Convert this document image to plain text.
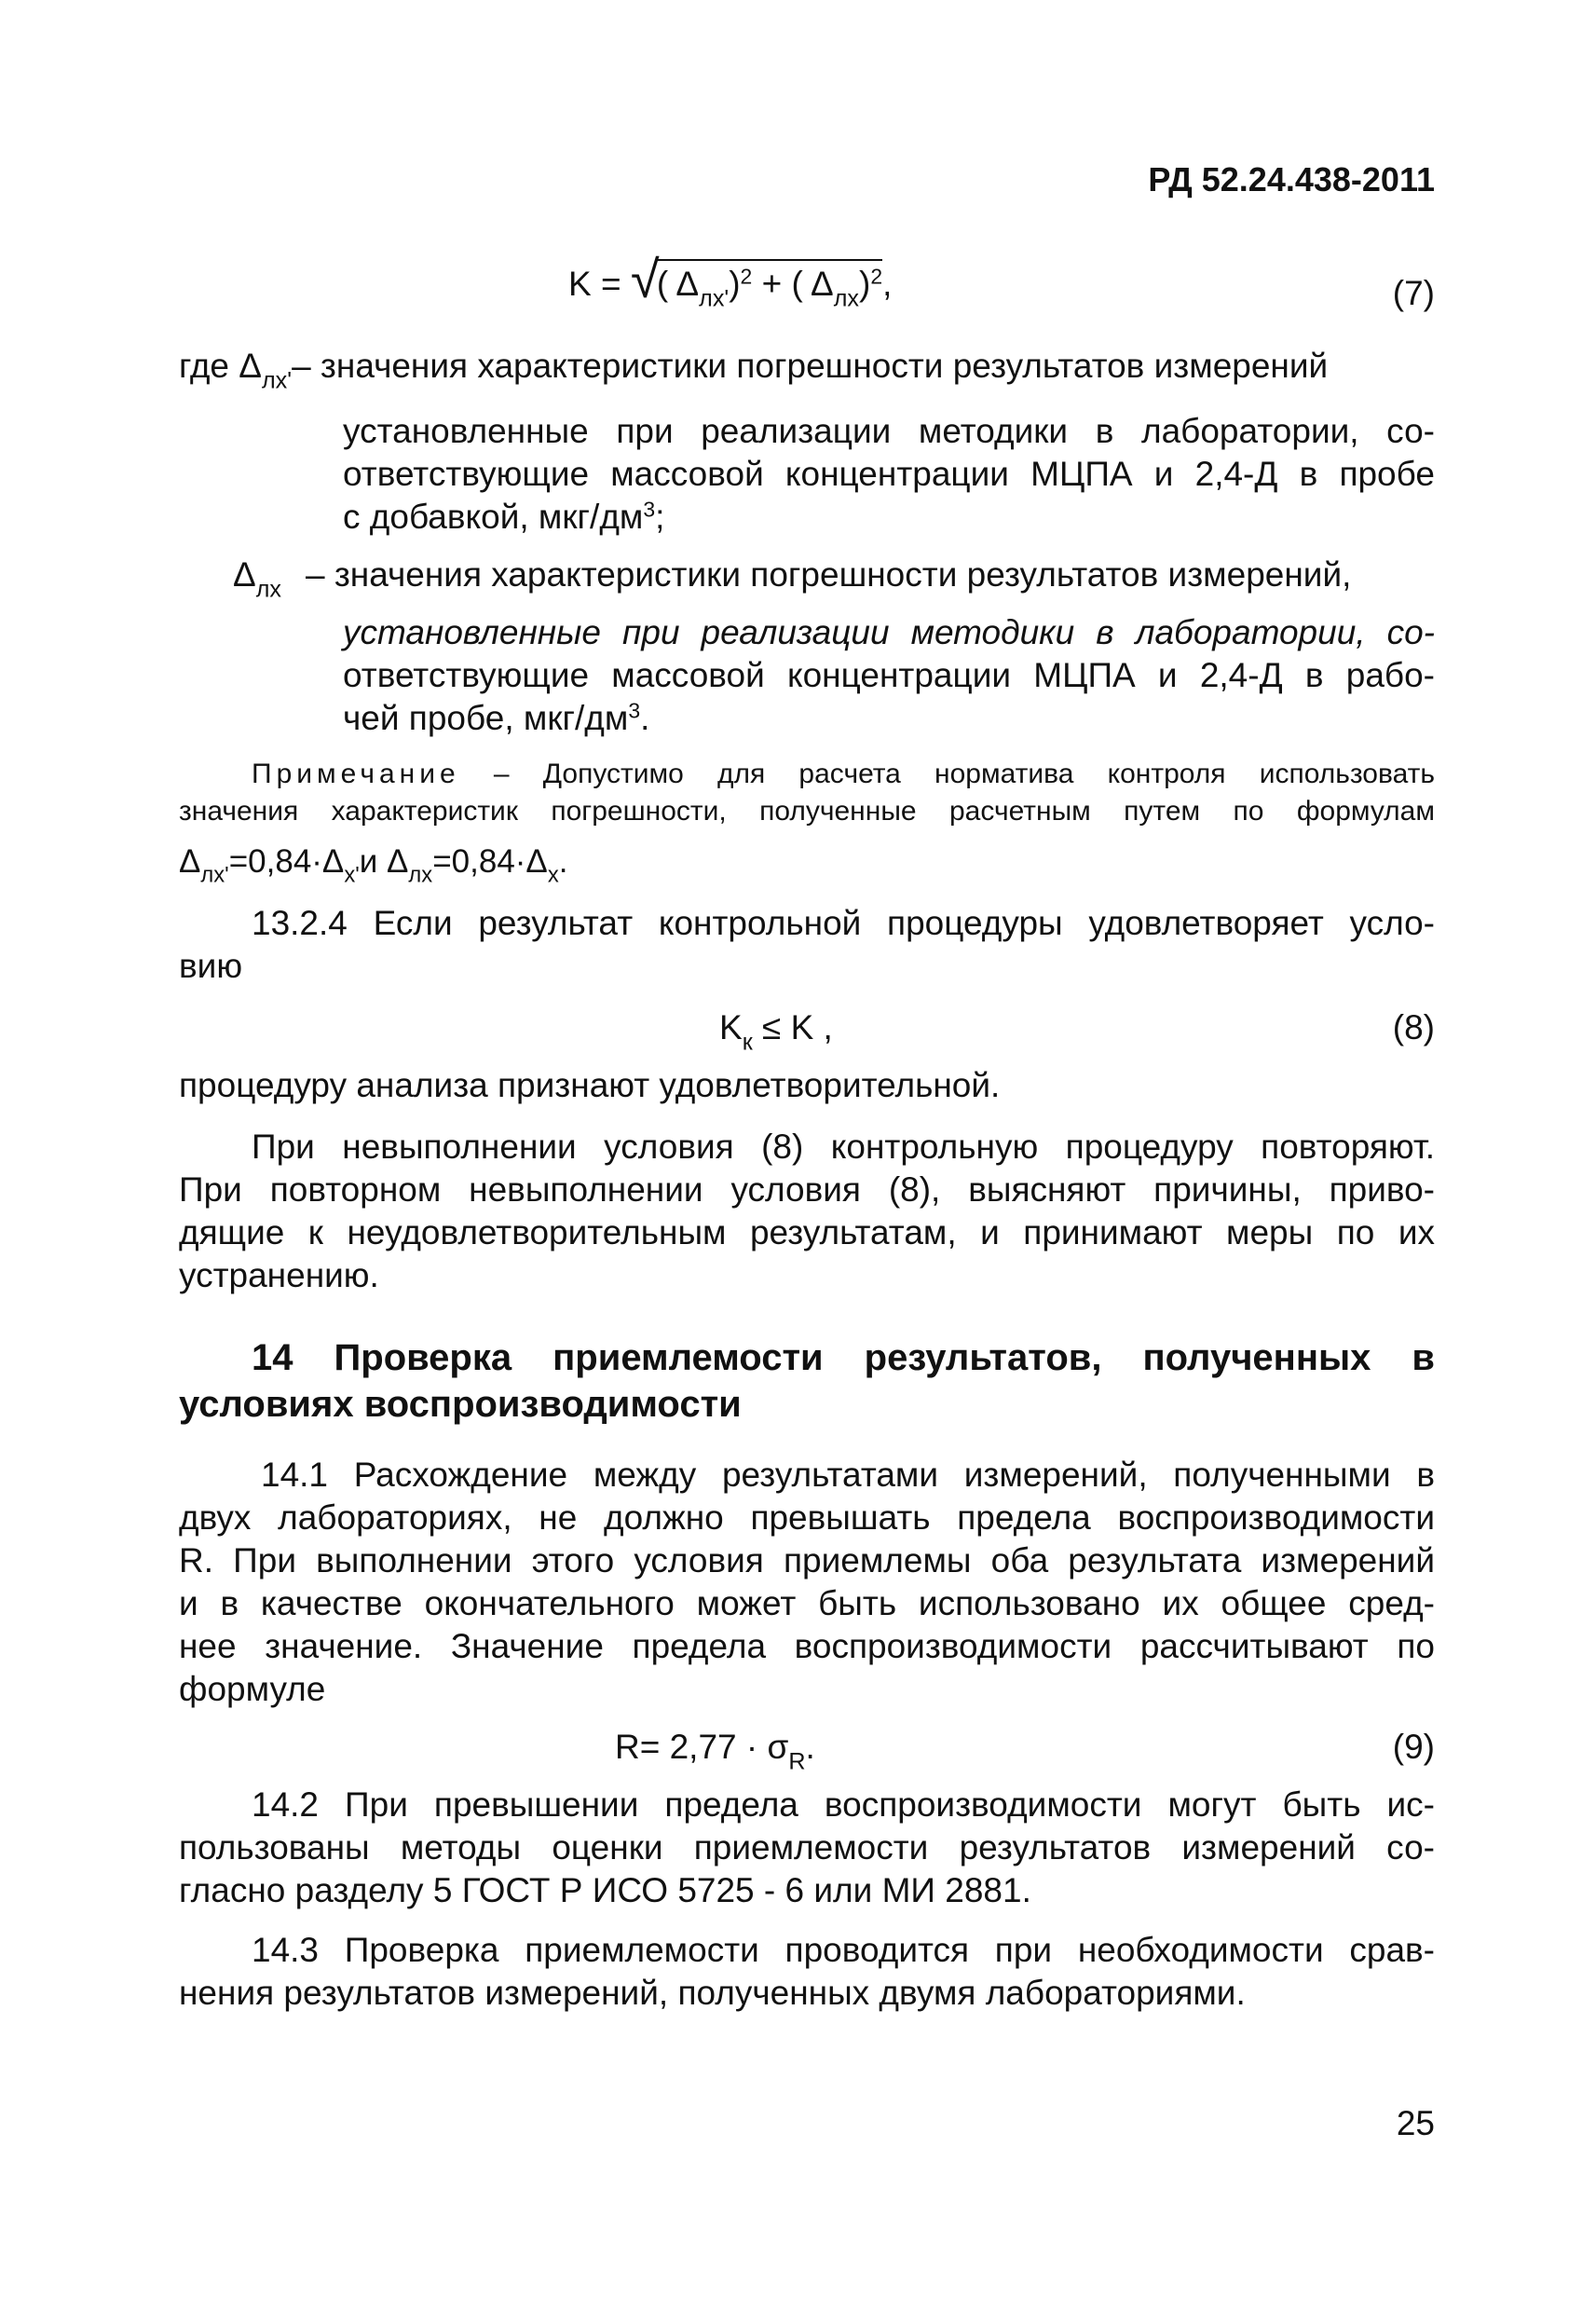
РД 52.24.438-2011
K = √
( $\Delta_{лх'})^2$ + ( $\Delta_{лх})^2$,	(7)
где $\Delta_{лх'}-$ значения характеристики погрешности результатов измерений
установленные при реализации методики в лаборатории, со-
ответствующие массовой концентрации МЦПА и 2,4-Д в пробе
с добавкой, мкг/$дм^3$;
$\Delta_{лх}$ – значения характеристики погрешности результатов измерений,
установленные при реализации методики в лаборатории, со-
ответствующие массовой концентрации МЦПА и 2,4-Д в рабо-
чей пробе, мкг/$дм^3$.
Примечание – Допустимо для расчета норматива контроля использовать
значения характеристик погрешности, полученные расчетным путем по формулам
$\Delta_{лх'}=0,84\cdot\Delta_{х'}и$ $\Delta_{лх}=0,84\cdot\Delta_х$.
13.2.4 Если результат контрольной процедуры удовлетворяет усло-
вию
$K_к \le K$ ,	(8)
процедуру анализа признают удовлетворительной.
При невыполнении условия (8) контрольную процедуру повторяют.
При повторном невыполнении условия (8), выясняют причины, приво-
дящие к неудовлетворительным результатам, и принимают меры по их
устранению.
14 Проверка приемлемости результатов, полученных в
условиях воспроизводимости
14.1 Расхождение между результатами измерений, полученными в
двух лабораториях, не должно превышать предела воспроизводимости
R. При выполнении этого условия приемлемы оба результата измерений
и в качестве окончательного может быть использовано их общее сред-
нее значение. Значение предела воспроизводимости рассчитывают по
формуле
$R= 2,77 \cdot \sigma_R$.	(9)
14.2 При превышении предела воспроизводимости могут быть ис-
пользованы методы оценки приемлемости результатов измерений со-
гласно разделу 5 ГОСТ Р ИСО 5725 - 6 или МИ 2881.
14.3 Проверка приемлемости проводится при необходимости срав-
нения результатов измерений, полученных двумя лабораториями.
25
